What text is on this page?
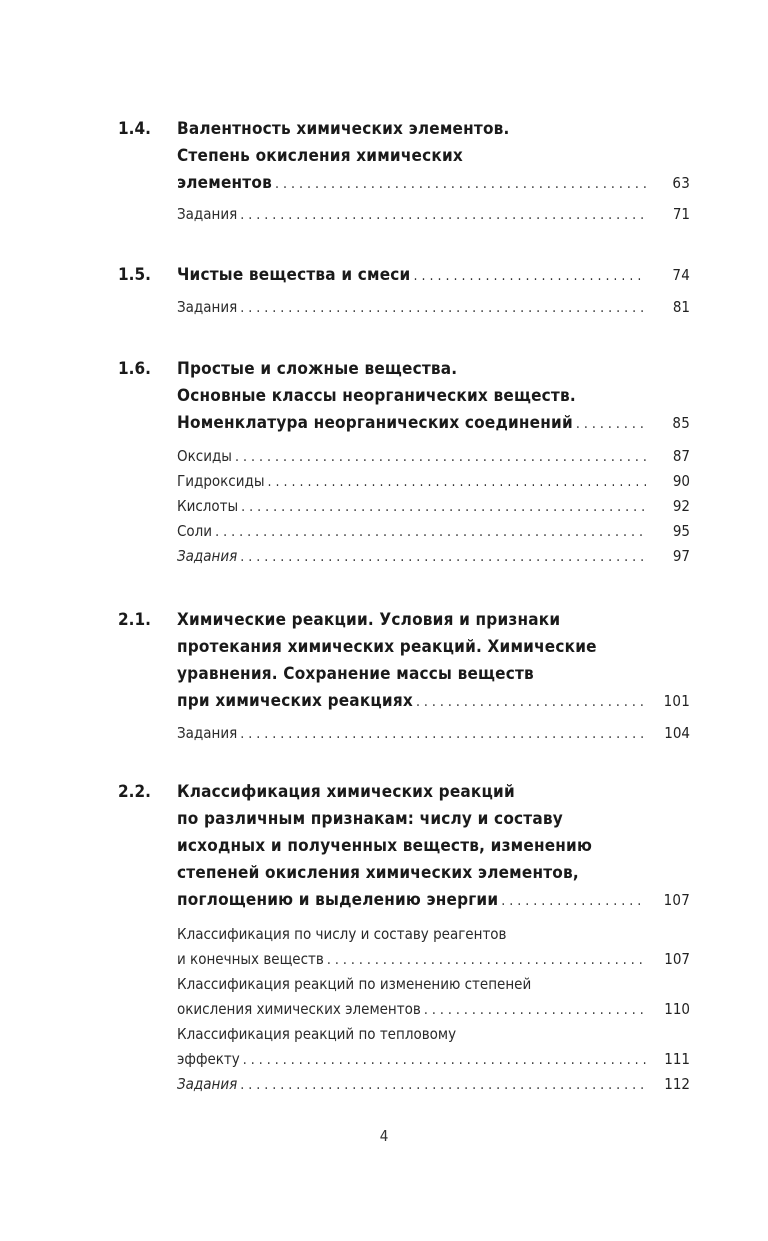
1.4. Валентность химических элементов.
Степень окисления химических
элементов . . .	63
Задания . . .	71
1.5. Чистые вещества и смеси . . .	74
Задания . . .	81
1.6. Простые и сложные вещества.
Основные классы неорганических веществ.
Номенклатура неорганических соединений . . .	85
Оксиды . . .	87
Гидроксиды . . .	90
Кислоты . . .	92
Соли . . .	95
Задания . . .	97
2.1. Химические реакции. Условия и признаки
протекания химических реакций. Химические
уравнения. Сохранение массы веществ
при химических реакциях . . .	101
Задания . . .	104
2.2. Классификация химических реакций
по различным признакам: числу и составу
исходных и полученных веществ, изменению
степеней окисления химических элементов,
поглощению и выделению энергии . . .	107
Классификация по числу и составу реагентов
и конечных веществ . . .	107
Классификация реакций по изменению степеней
окисления химических элементов . . .	110
Классификация реакций по тепловому
эффекту . . .	111
Задания . . .	112
4
